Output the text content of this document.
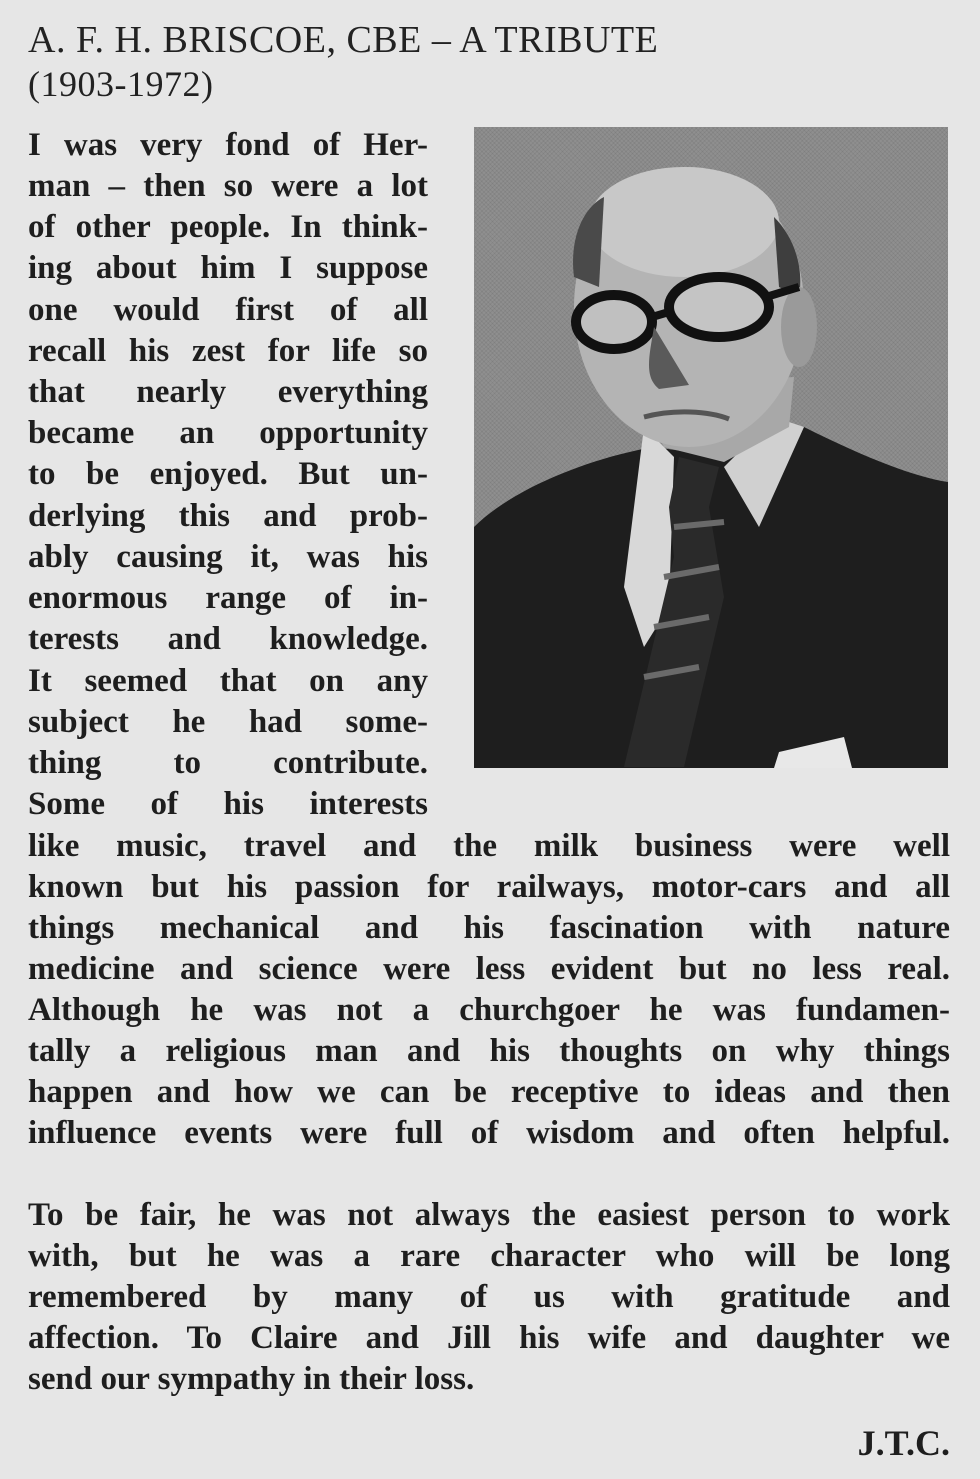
A. F. H. BRISCOE, CBE – A TRIBUTE
(1903-1972)
I was very fond of Her-
man – then so were a lot
of other people. In think-
ing about him I suppose
one would first of all
recall his zest for life so
that nearly everything
became an opportunity
to be enjoyed. But un-
derlying this and prob-
ably causing it, was his
enormous range of in-
terests and knowledge.
It seemed that on any
subject he had some-
thing to contribute.
Some of his interests
like music, travel and the milk business were well
known but his passion for railways, motor-cars and all
things mechanical and his fascination with nature
medicine and science were less evident but no less real.
Although he was not a churchgoer he was fundamen-
tally a religious man and his thoughts on why things
happen and how we can be receptive to ideas and then
influence events were full of wisdom and often helpful.
To be fair, he was not always the easiest person to work
with, but he was a rare character who will be long
remembered by many of us with gratitude and
affection. To Claire and Jill his wife and daughter we
send our sympathy in their loss.
J.T.C.
